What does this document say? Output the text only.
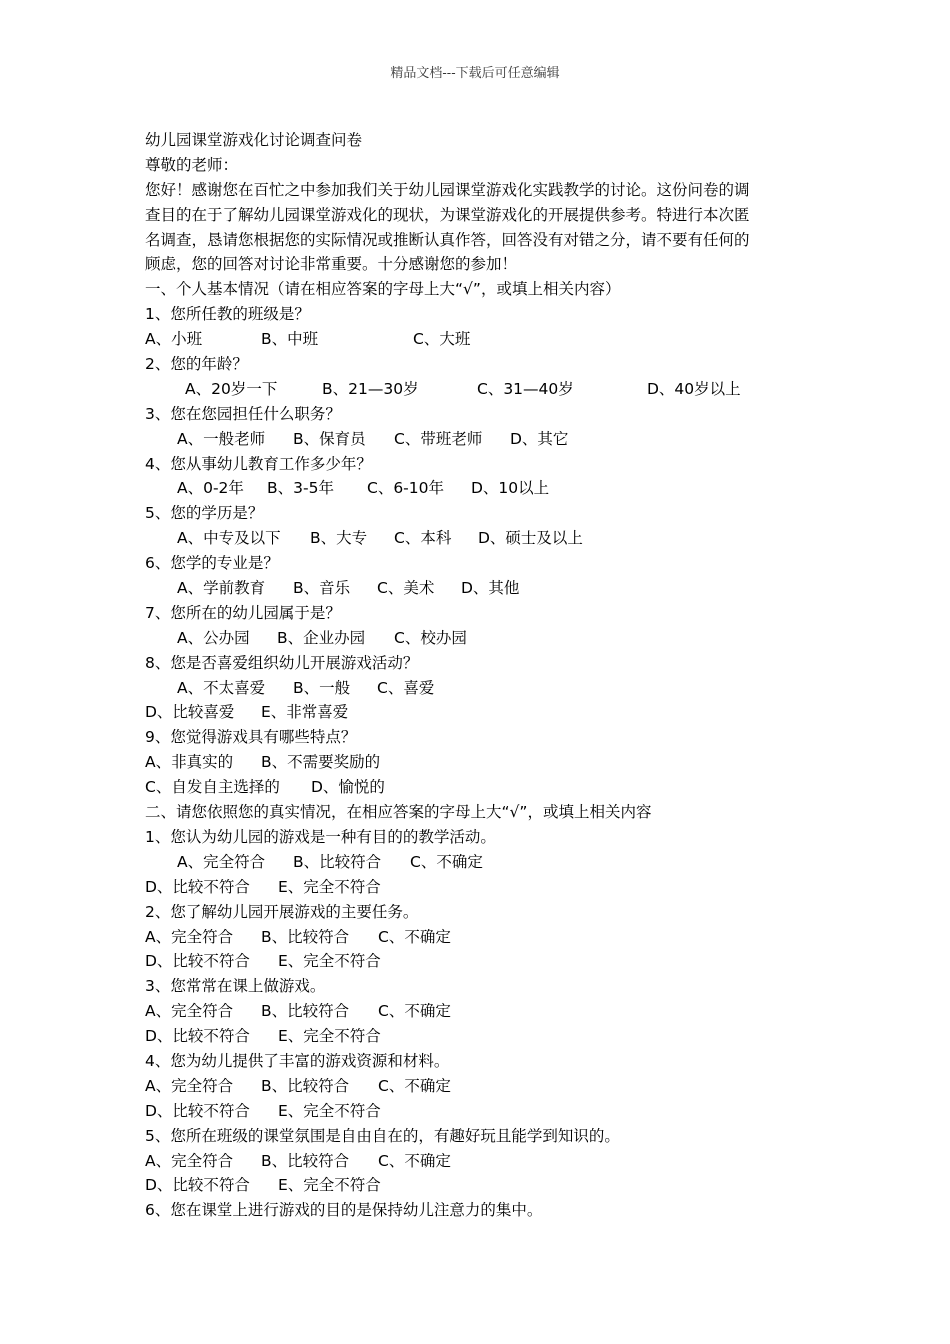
精品文档---下载后可任意编辑
幼儿园课堂游戏化讨论调查问卷
尊敬的老师：
您好！感谢您在百忙之中参加我们关于幼儿园课堂游戏化实践教学的讨论。这份问卷的调
查目的在于了解幼儿园课堂游戏化的现状，为课堂游戏化的开展提供参考。特进行本次匿
名调查，恳请您根据您的实际情况或推断认真作答，回答没有对错之分，请不要有任何的
顾虑，您的回答对讨论非常重要。十分感谢您的参加！
一、个人基本情况（请在相应答案的字母上大“√”，或填上相关内容）
1、您所任教的班级是？
A、小班	B、中班	C、大班
2、您的年龄？
A、20岁一下	B、21—30岁	C、31—40岁	D、40岁以上
3、您在您园担任什么职务？
A、一般老师 B、保育员 C、带班老师 D、其它
4、您从事幼儿教育工作多少年？
A、0-2年 B、3-5年 C、6-10年 D、10以上
5、您的学历是？
A、中专及以下 B、大专 C、本科 D、硕士及以上
6、您学的专业是？
A、学前教育 B、音乐 C、美术 D、其他
7、您所在的幼儿园属于是？
A、公办园 B、企业办园 C、校办园
8、您是否喜爱组织幼儿开展游戏活动？
A、不太喜爱 B、一般 C、喜爱
D、比较喜爱 E、非常喜爱
9、您觉得游戏具有哪些特点？
A、非真实的 B、不需要奖励的
C、自发自主选择的 D、愉悦的
二、请您依照您的真实情况，在相应答案的字母上大“√”，或填上相关内容
1、您认为幼儿园的游戏是一种有目的的教学活动。
A、完全符合 B、比较符合 C、不确定
D、比较不符合 E、完全不符合
2、您了解幼儿园开展游戏的主要任务。
A、完全符合 B、比较符合 C、不确定
D、比较不符合 E、完全不符合
3、您常常在课上做游戏。
A、完全符合 B、比较符合 C、不确定
D、比较不符合 E、完全不符合
4、您为幼儿提供了丰富的游戏资源和材料。
A、完全符合 B、比较符合 C、不确定
D、比较不符合 E、完全不符合
5、您所在班级的课堂氛围是自由自在的，有趣好玩且能学到知识的。
A、完全符合 B、比较符合 C、不确定
D、比较不符合 E、完全不符合
6、您在课堂上进行游戏的目的是保持幼儿注意力的集中。
